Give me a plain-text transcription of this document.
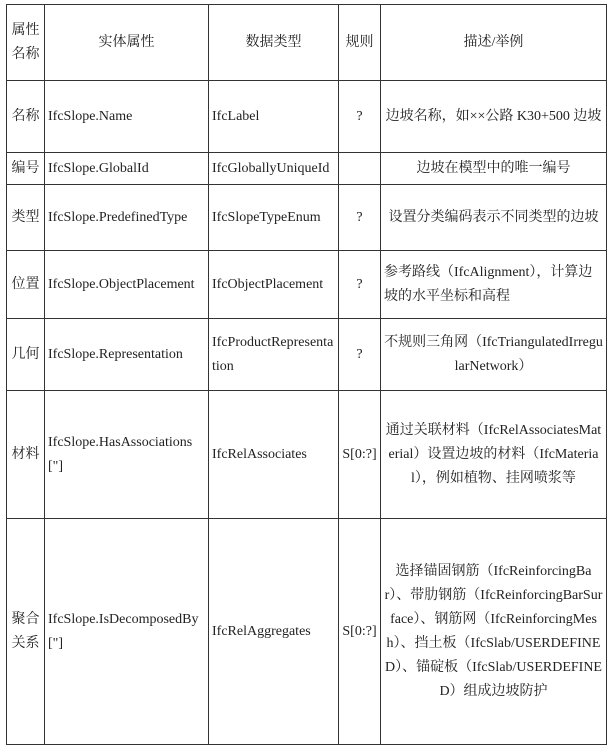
属性名称	实体属性	数据类型	规则	描述/举例
名称	IfcSlope.Name	IfcLabel	?	边坡名称，如××公路 K30+500 边坡
编号	IfcSlope.GlobalId	IfcGloballyUniqueId		边坡在模型中的唯一编号
类型	IfcSlope.PredefinedType	IfcSlopeTypeEnum	?	设置分类编码表示不同类型的边坡
位置	IfcSlope.ObjectPlacement	IfcObjectPlacement	?	参考路线（IfcAlignment），计算边坡的水平坐标和高程
几何	IfcSlope.Representation	IfcProductRepresentation	?	不规则三角网（IfcTriangulatedIrregularNetwork）
材料	IfcSlope.HasAssociations["]	IfcRelAssociates	S[0:?]	通过关联材料（IfcRelAssociatesMaterial）设置边坡的材料（IfcMaterial），例如植物、挂网喷浆等
聚合关系	IfcSlope.IsDecomposedBy["]	IfcRelAggregates	S[0:?]	选择锚固钢筋（IfcReinforcingBar）、带肋钢筋（IfcReinforcingBarSurface）、钢筋网（IfcReinforcingMesh）、挡土板（IfcSlab/USERDEFINED）、锚碇板（IfcSlab/USERDEFINED）组成边坡防护
